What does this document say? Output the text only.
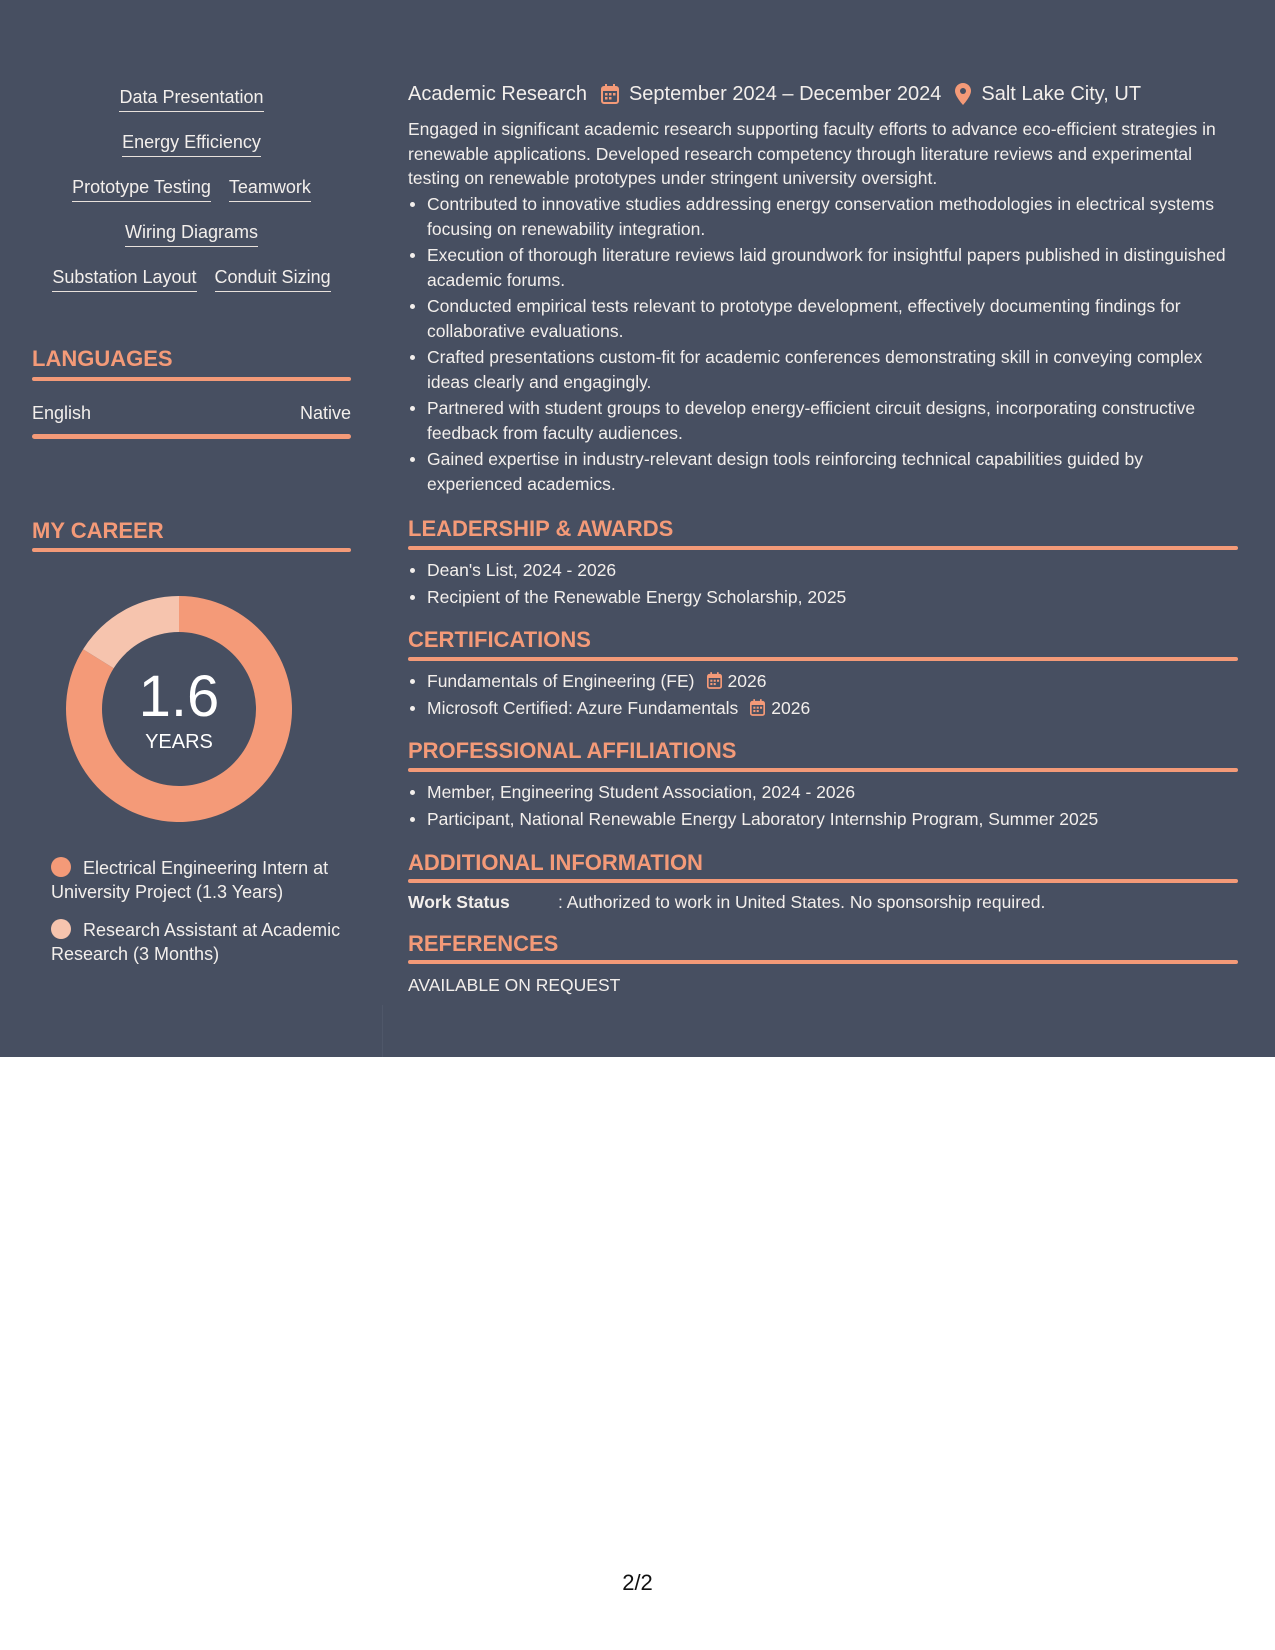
Data Presentation
Energy Efficiency
Prototype Testing Teamwork
Wiring Diagrams
Substation Layout Conduit Sizing
LANGUAGES
English	Native
MY CAREER
1.6
YEARS
Electrical Engineering Intern at University Project (1.3 Years)
Research Assistant at Academic Research (3 Months)
Academic Research September 2024 – December 2024 Salt Lake City, UT
Engaged in significant academic research supporting faculty efforts to advance eco-efficient strategies in renewable applications. Developed research competency through literature reviews and experimental testing on renewable prototypes under stringent university oversight.
Contributed to innovative studies addressing energy conservation methodologies in electrical systems focusing on renewability integration.
Execution of thorough literature reviews laid groundwork for insightful papers published in distinguished academic forums.
Conducted empirical tests relevant to prototype development, effectively documenting findings for collaborative evaluations.
Crafted presentations custom-fit for academic conferences demonstrating skill in conveying complex ideas clearly and engagingly.
Partnered with student groups to develop energy-efficient circuit designs, incorporating constructive feedback from faculty audiences.
Gained expertise in industry-relevant design tools reinforcing technical capabilities guided by experienced academics.
LEADERSHIP & AWARDS
Dean's List, 2024 - 2026
Recipient of the Renewable Energy Scholarship, 2025
CERTIFICATIONS
Fundamentals of Engineering (FE) 2026
Microsoft Certified: Azure Fundamentals 2026
PROFESSIONAL AFFILIATIONS
Member, Engineering Student Association, 2024 - 2026
Participant, National Renewable Energy Laboratory Internship Program, Summer 2025
ADDITIONAL INFORMATION
Work Status	: Authorized to work in United States. No sponsorship required.
REFERENCES
AVAILABLE ON REQUEST
2/2
